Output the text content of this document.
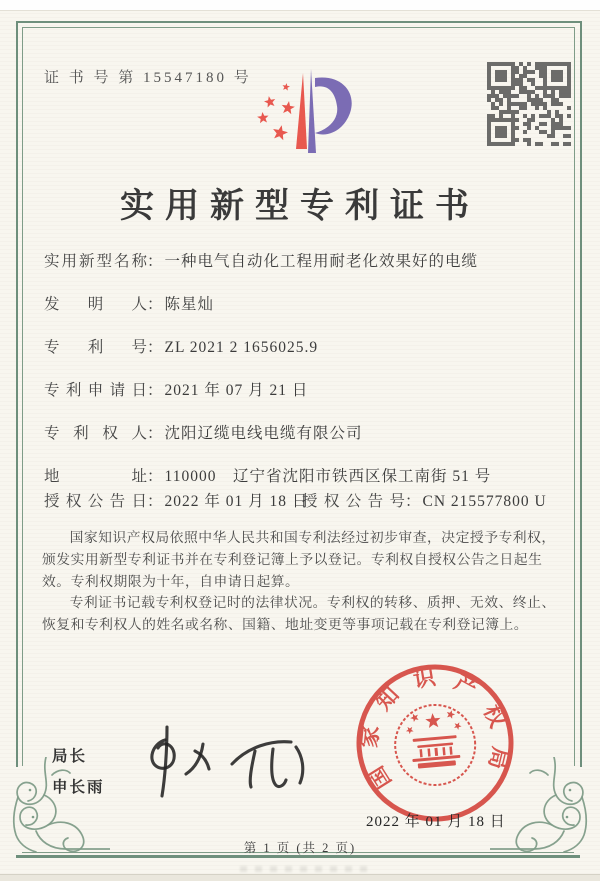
证 书 号 第 15547180 号
实用新型专利证书
实用新型名称： 一种电气自动化工程用耐老化效果好的电缆
发明人： 陈星灿
专利号： ZL 2021 2 1656025.9
专利申请日： 2021 年 07 月 21 日
专利权人： 沈阳辽缆电线电缆有限公司
地址： 110000　辽宁省沈阳市铁西区保工南街 51 号
授权公告日： 2022 年 01 月 18 日
授权公告号： CN 215577800 U

国家知识产权局依照中华人民共和国专利法经过初步审查，决定授予专利权，颁发实用新型专利证书并在专利登记簿上予以登记。专利权自授权公告之日起生效。专利权期限为十年，自申请日起算。

专利证书记载专利权登记时的法律状况。专利权的转移、质押、无效、终止、恢复和专利权人的姓名或名称、国籍、地址变更等事项记载在专利登记簿上。

局长
申长雨	国家知识产权局
2022 年 01 月 18 日
第 1 页 (共 2 页)
